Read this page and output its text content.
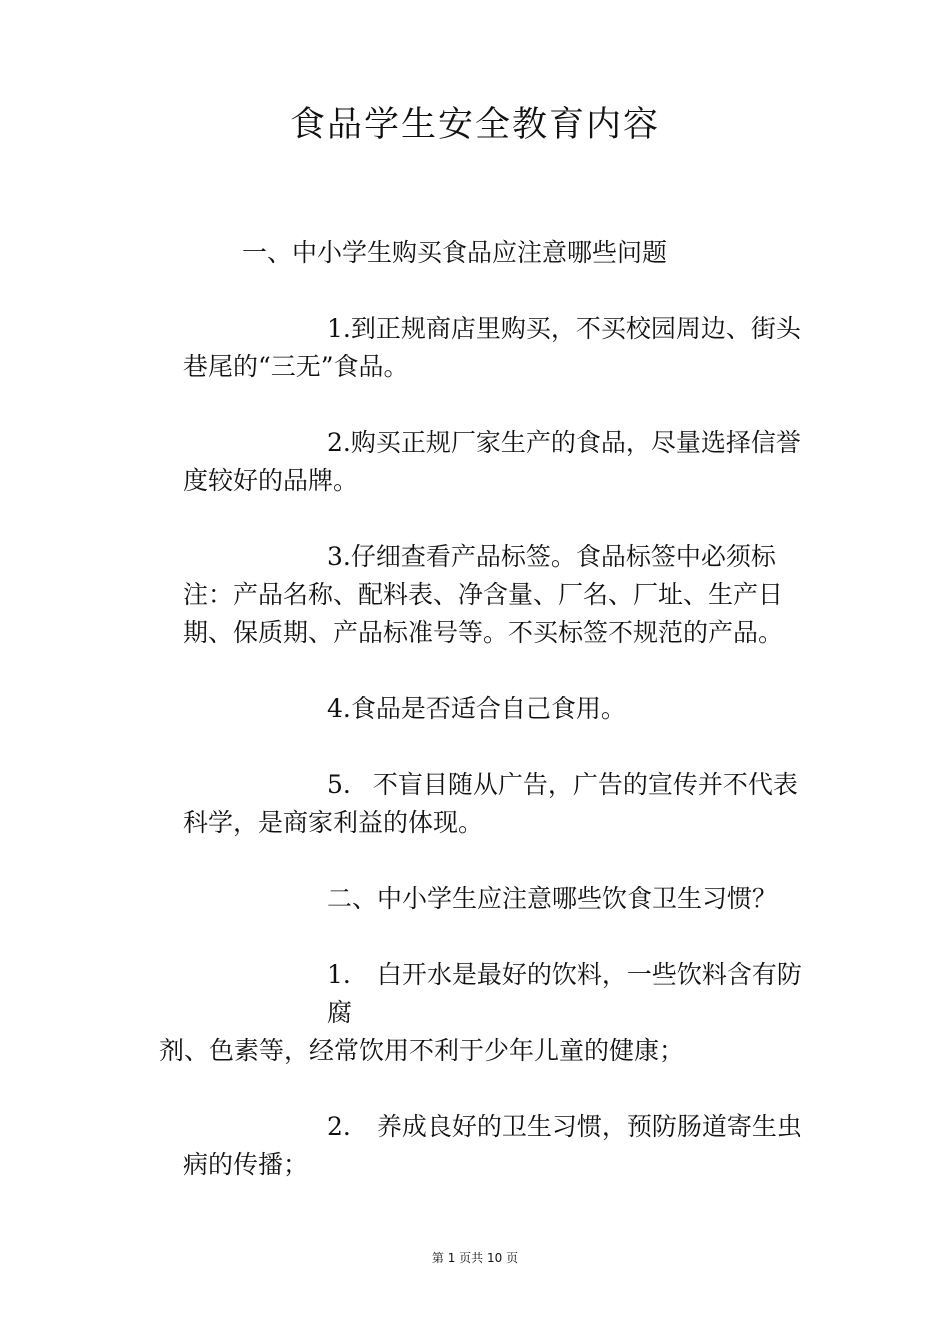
食品学生安全教育内容
一、中小学生购买食品应注意哪些问题
1.到正规商店里购买，不买校园周边、街头
巷尾的“三无”食品。
2.购买正规厂家生产的食品，尽量选择信誉
度较好的品牌。
3.仔细查看产品标签。食品标签中必须标
注：产品名称、配料表、净含量、厂名、厂址、生产日
期、保质期、产品标准号等。不买标签不规范的产品。
4.食品是否适合自己食用。
5. 不盲目随从广告，广告的宣传并不代表
科学，是商家利益的体现。
二、中小学生应注意哪些饮食卫生习惯？
1. 白开水是最好的饮料，一些饮料含有防
腐
剂、色素等，经常饮用不利于少年儿童的健康；
2. 养成良好的卫生习惯，预防肠道寄生虫
病的传播；
第 1 页共 10 页
